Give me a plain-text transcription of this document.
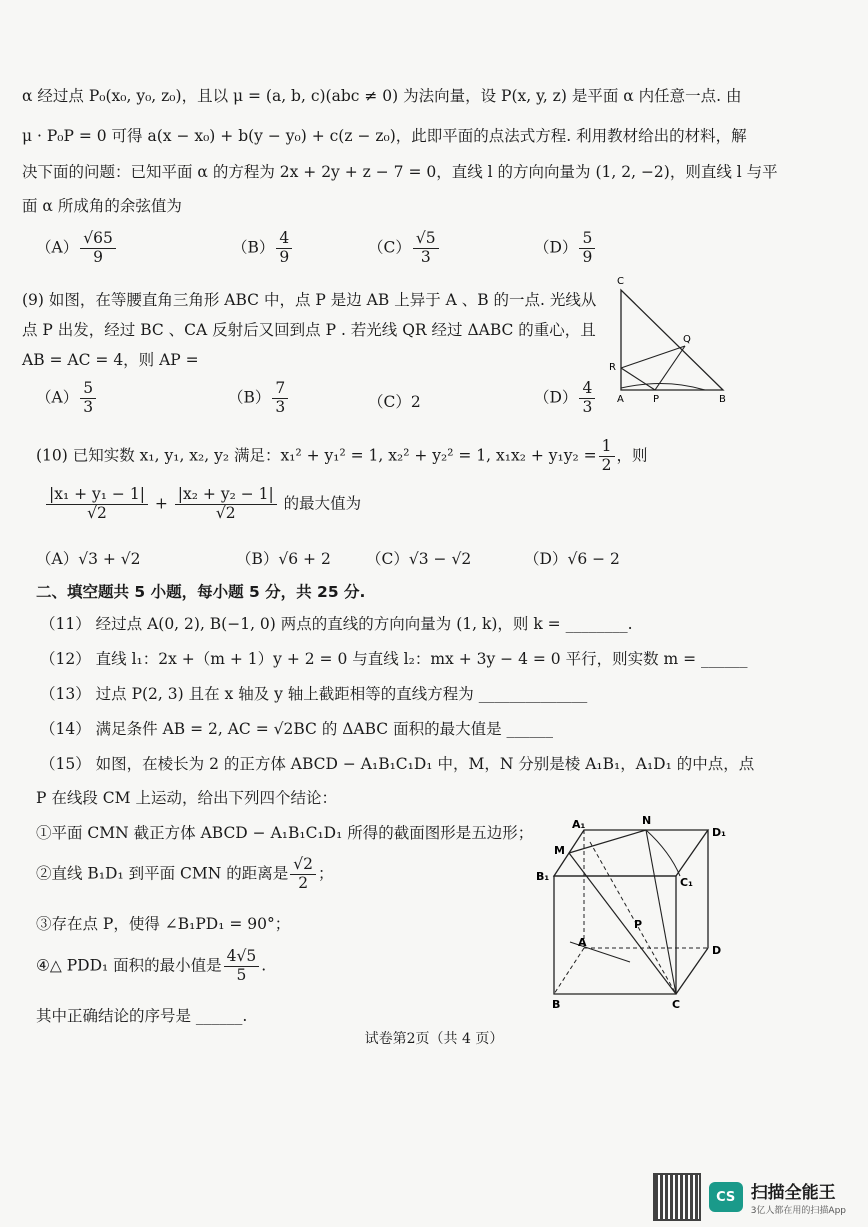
α 经过点 P₀(x₀, y₀, z₀)，且以 μ = (a, b, c)(abc ≠ 0) 为法向量，设 P(x, y, z) 是平面 α 内任意一点. 由
μ · P₀P = 0 可得 a(x − x₀) + b(y − y₀) + c(z − z₀)，此即平面的点法式方程. 利用教材给出的材料，解
决下面的问题：已知平面 α 的方程为 2x + 2y + z − 7 = 0，直线 l 的方向向量为 (1, 2, −2)，则直线 l 与平
面 α 所成角的余弦值为
$(A) \frac{√65}{9}$	$(B) \frac{4}{9}$	$(C) \frac{√5}{3}$	$(D) \frac{5}{9}$
(9) 如图，在等腰直角三角形 ABC 中，点 P 是边 AB 上异于 A 、B 的一点. 光线从
点 P 出发，经过 BC 、CA 反射后又回到点 P . 若光线 QR 经过 ΔABC 的重心，且
AB = AC = 4，则 AP =
$(A) \frac{5}{3}$	$(B) \frac{7}{3}$	（C）2	$(D) \frac{4}{3}$
C
Q
R
A	P	B
(10) 已知实数 x₁, y₁, x₂, y₂ 满足：x₁² + y₁² = 1, x₂² + y₂² = 1, $x_1x_2 + y_1y_2 = \frac{1}{2}$ ，则
$\frac{\text{|x₁ + y₁ − 1|}}{√2} + \frac{\text{|x₂ + y₂ − 1|}}{√2}$ 的最大值为
（A）√3 + √2	（B）√6 + 2 （C）√3 − √2	（D）√6 − 2
二、填空题共 5 小题，每小题 5 分，共 25 分.
（11） 经过点 A(0, 2), B(−1, 0) 两点的直线的方向向量为 (1, k)，则 k = ________.
（12） 直线 l₁：2x +（m + 1）y + 2 = 0 与直线 l₂：mx + 3y − 4 = 0 平行，则实数 m = ______
（13） 过点 P(2, 3) 且在 x 轴及 y 轴上截距相等的直线方程为 ______________
（14） 满足条件 AB = 2, AC = √2BC 的 ΔABC 面积的最大值是 ______
（15） 如图，在棱长为 2 的正方体 ABCD − A₁B₁C₁D₁ 中，M，N 分别是棱 A₁B₁，A₁D₁ 的中点，点
P 在线段 CM 上运动，给出下列四个结论：
①平面 CMN 截正方体 ABCD − A₁B₁C₁D₁ 所得的截面图形是五边形；
②直线 B₁D₁ 到平面 CMN 的距离是 $\frac{√2}{2}$ ；
③存在点 P，使得 ∠B₁PD₁ = 90°；
④△ PDD₁ 面积的最小值是 $\frac{4√5}{5}$ .
其中正确结论的序号是 ______.
A₁	N
D₁
M
B₁	C₁
P
A
D
B	C
试卷第2页（共 4 页）
CS 扫描全能王
3亿人都在用的扫描App
